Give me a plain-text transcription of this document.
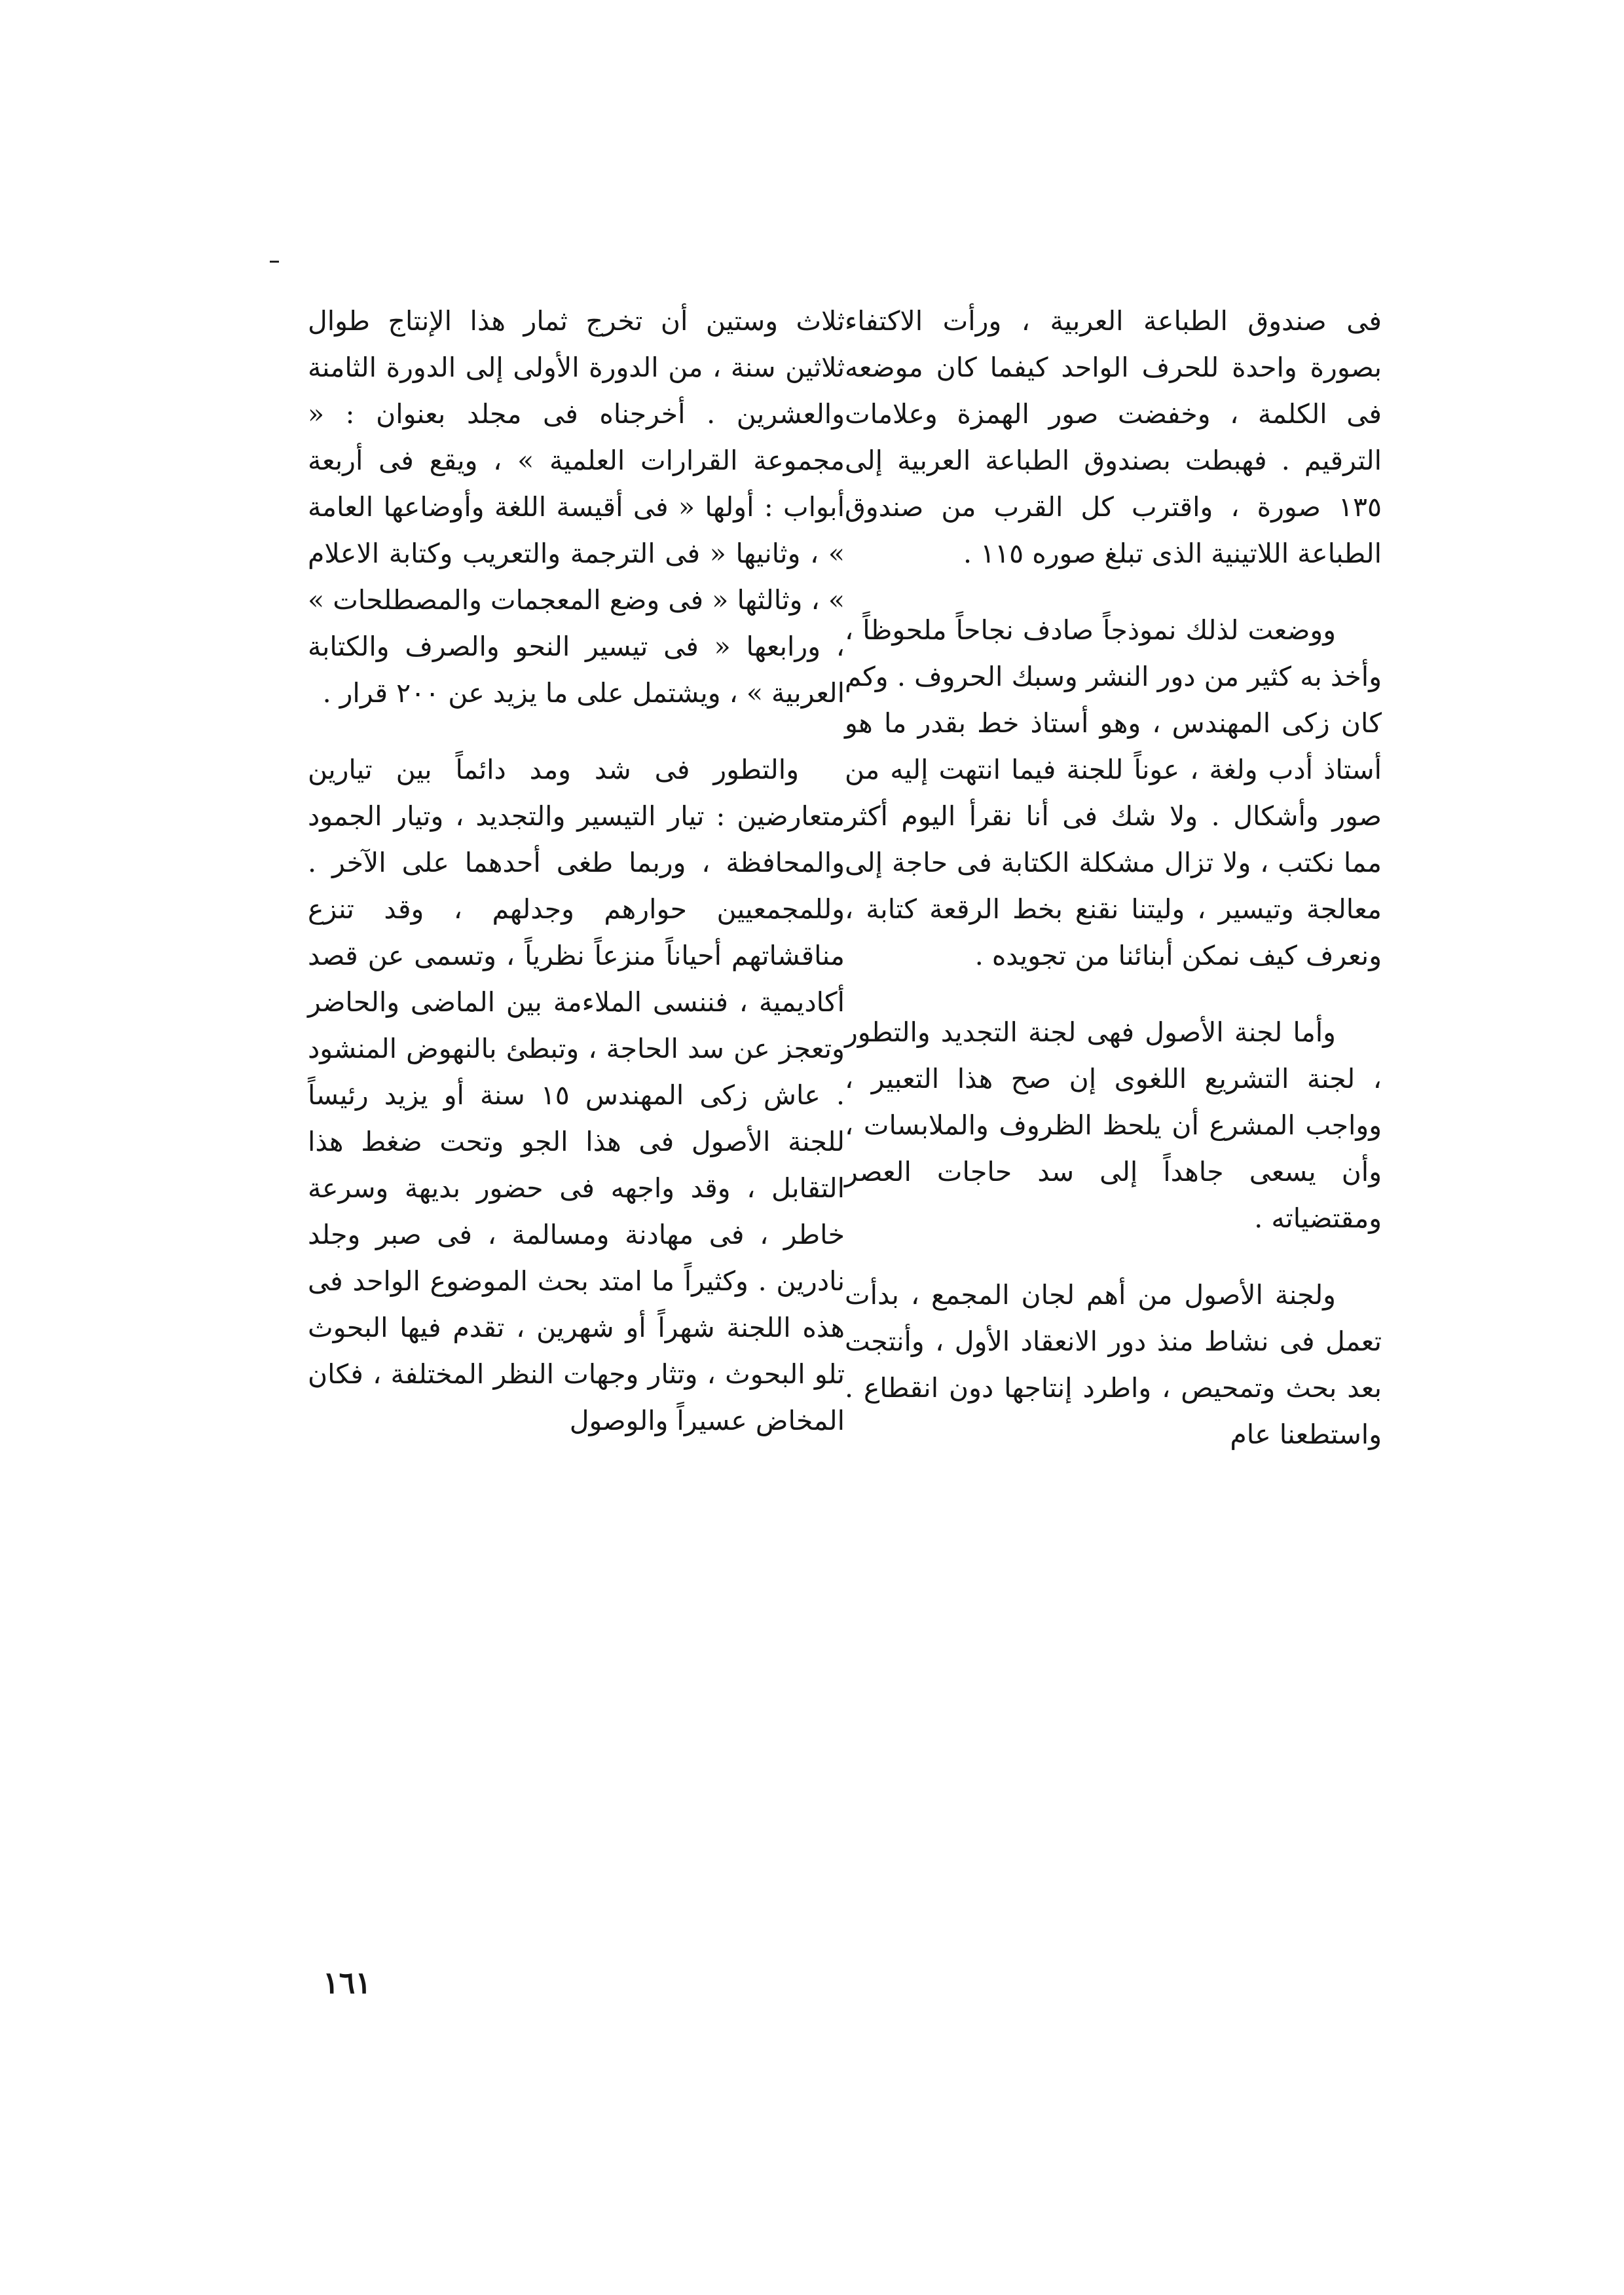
فى صندوق الطباعة العربية ، ورأت الاكتفاء بصورة واحدة للحرف الواحد كيفما كان موضعه فى الكلمة ، وخفضت صور الهمزة وعلامات الترقيم . فهبطت بصندوق الطباعة العربية إلى ١٣٥ صورة ، واقترب كل القرب من صندوق الطباعة اللاتينية الذى تبلغ صوره ١١٥ .

ووضعت لذلك نموذجاً صادف نجاحاً ملحوظاً ، وأخذ به كثير من دور النشر وسبك الحروف . وكم كان زكى المهندس ، وهو أستاذ خط بقدر ما هو أستاذ أدب ولغة ، عوناً للجنة فيما انتهت إليه من صور وأشكال . ولا شك فى أنا نقرأ اليوم أكثر مما نكتب ، ولا تزال مشكلة الكتابة فى حاجة إلى معالجة وتيسير ، وليتنا نقنع بخط الرقعة كتابة ، ونعرف كيف نمكن أبنائنا من تجويده .

وأما لجنة الأصول فهى لجنة التجديد والتطور ، لجنة التشريع اللغوى إن صح هذا التعبير ، وواجب المشرع أن يلحظ الظروف والملابسات ، وأن يسعى جاهداً إلى سد حاجات العصر ومقتضياته .

ولجنة الأصول من أهم لجان المجمع ، بدأت تعمل فى نشاط منذ دور الانعقاد الأول ، وأنتجت بعد بحث وتمحيص ، واطرد إنتاجها دون انقطاع . واستطعنا عام

ثلاث وستين أن تخرج ثمار هذا الإنتاج طوال ثلاثين سنة ، من الدورة الأولى إلى الدورة الثامنة والعشرين . أخرجناه فى مجلد بعنوان : « مجموعة القرارات العلمية » ، ويقع فى أربعة أبواب : أولها « فى أقيسة اللغة وأوضاعها العامة » ، وثانيها « فى الترجمة والتعريب وكتابة الاعلام » ، وثالثها « فى وضع المعجمات والمصطلحات » ، ورابعها « فى تيسير النحو والصرف والكتابة العربية » ، ويشتمل على ما يزيد عن ٢٠٠ قرار .

والتطور فى شد ومد دائماً بين تيارين متعارضين : تيار التيسير والتجديد ، وتيار الجمود والمحافظة ، وربما طغى أحدهما على الآخر . وللمجمعيين حوارهم وجدلهم ، وقد تنزع مناقشاتهم أحياناً منزعاً نظرياً ، وتسمى عن قصد أكاديمية ، فننسى الملاءمة بين الماضى والحاضر وتعجز عن سد الحاجة ، وتبطئ بالنهوض المنشود . عاش زكى المهندس ١٥ سنة أو يزيد رئيساً للجنة الأصول فى هذا الجو وتحت ضغط هذا التقابل ، وقد واجهه فى حضور بديهة وسرعة خاطر ، فى مهادنة ومسالمة ، فى صبر وجلد نادرين . وكثيراً ما امتد بحث الموضوع الواحد فى هذه اللجنة شهراً أو شهرين ، تقدم فيها البحوث تلو البحوث ، وتثار وجهات النظر المختلفة ، فكان المخاض عسيراً والوصول

١٦١
